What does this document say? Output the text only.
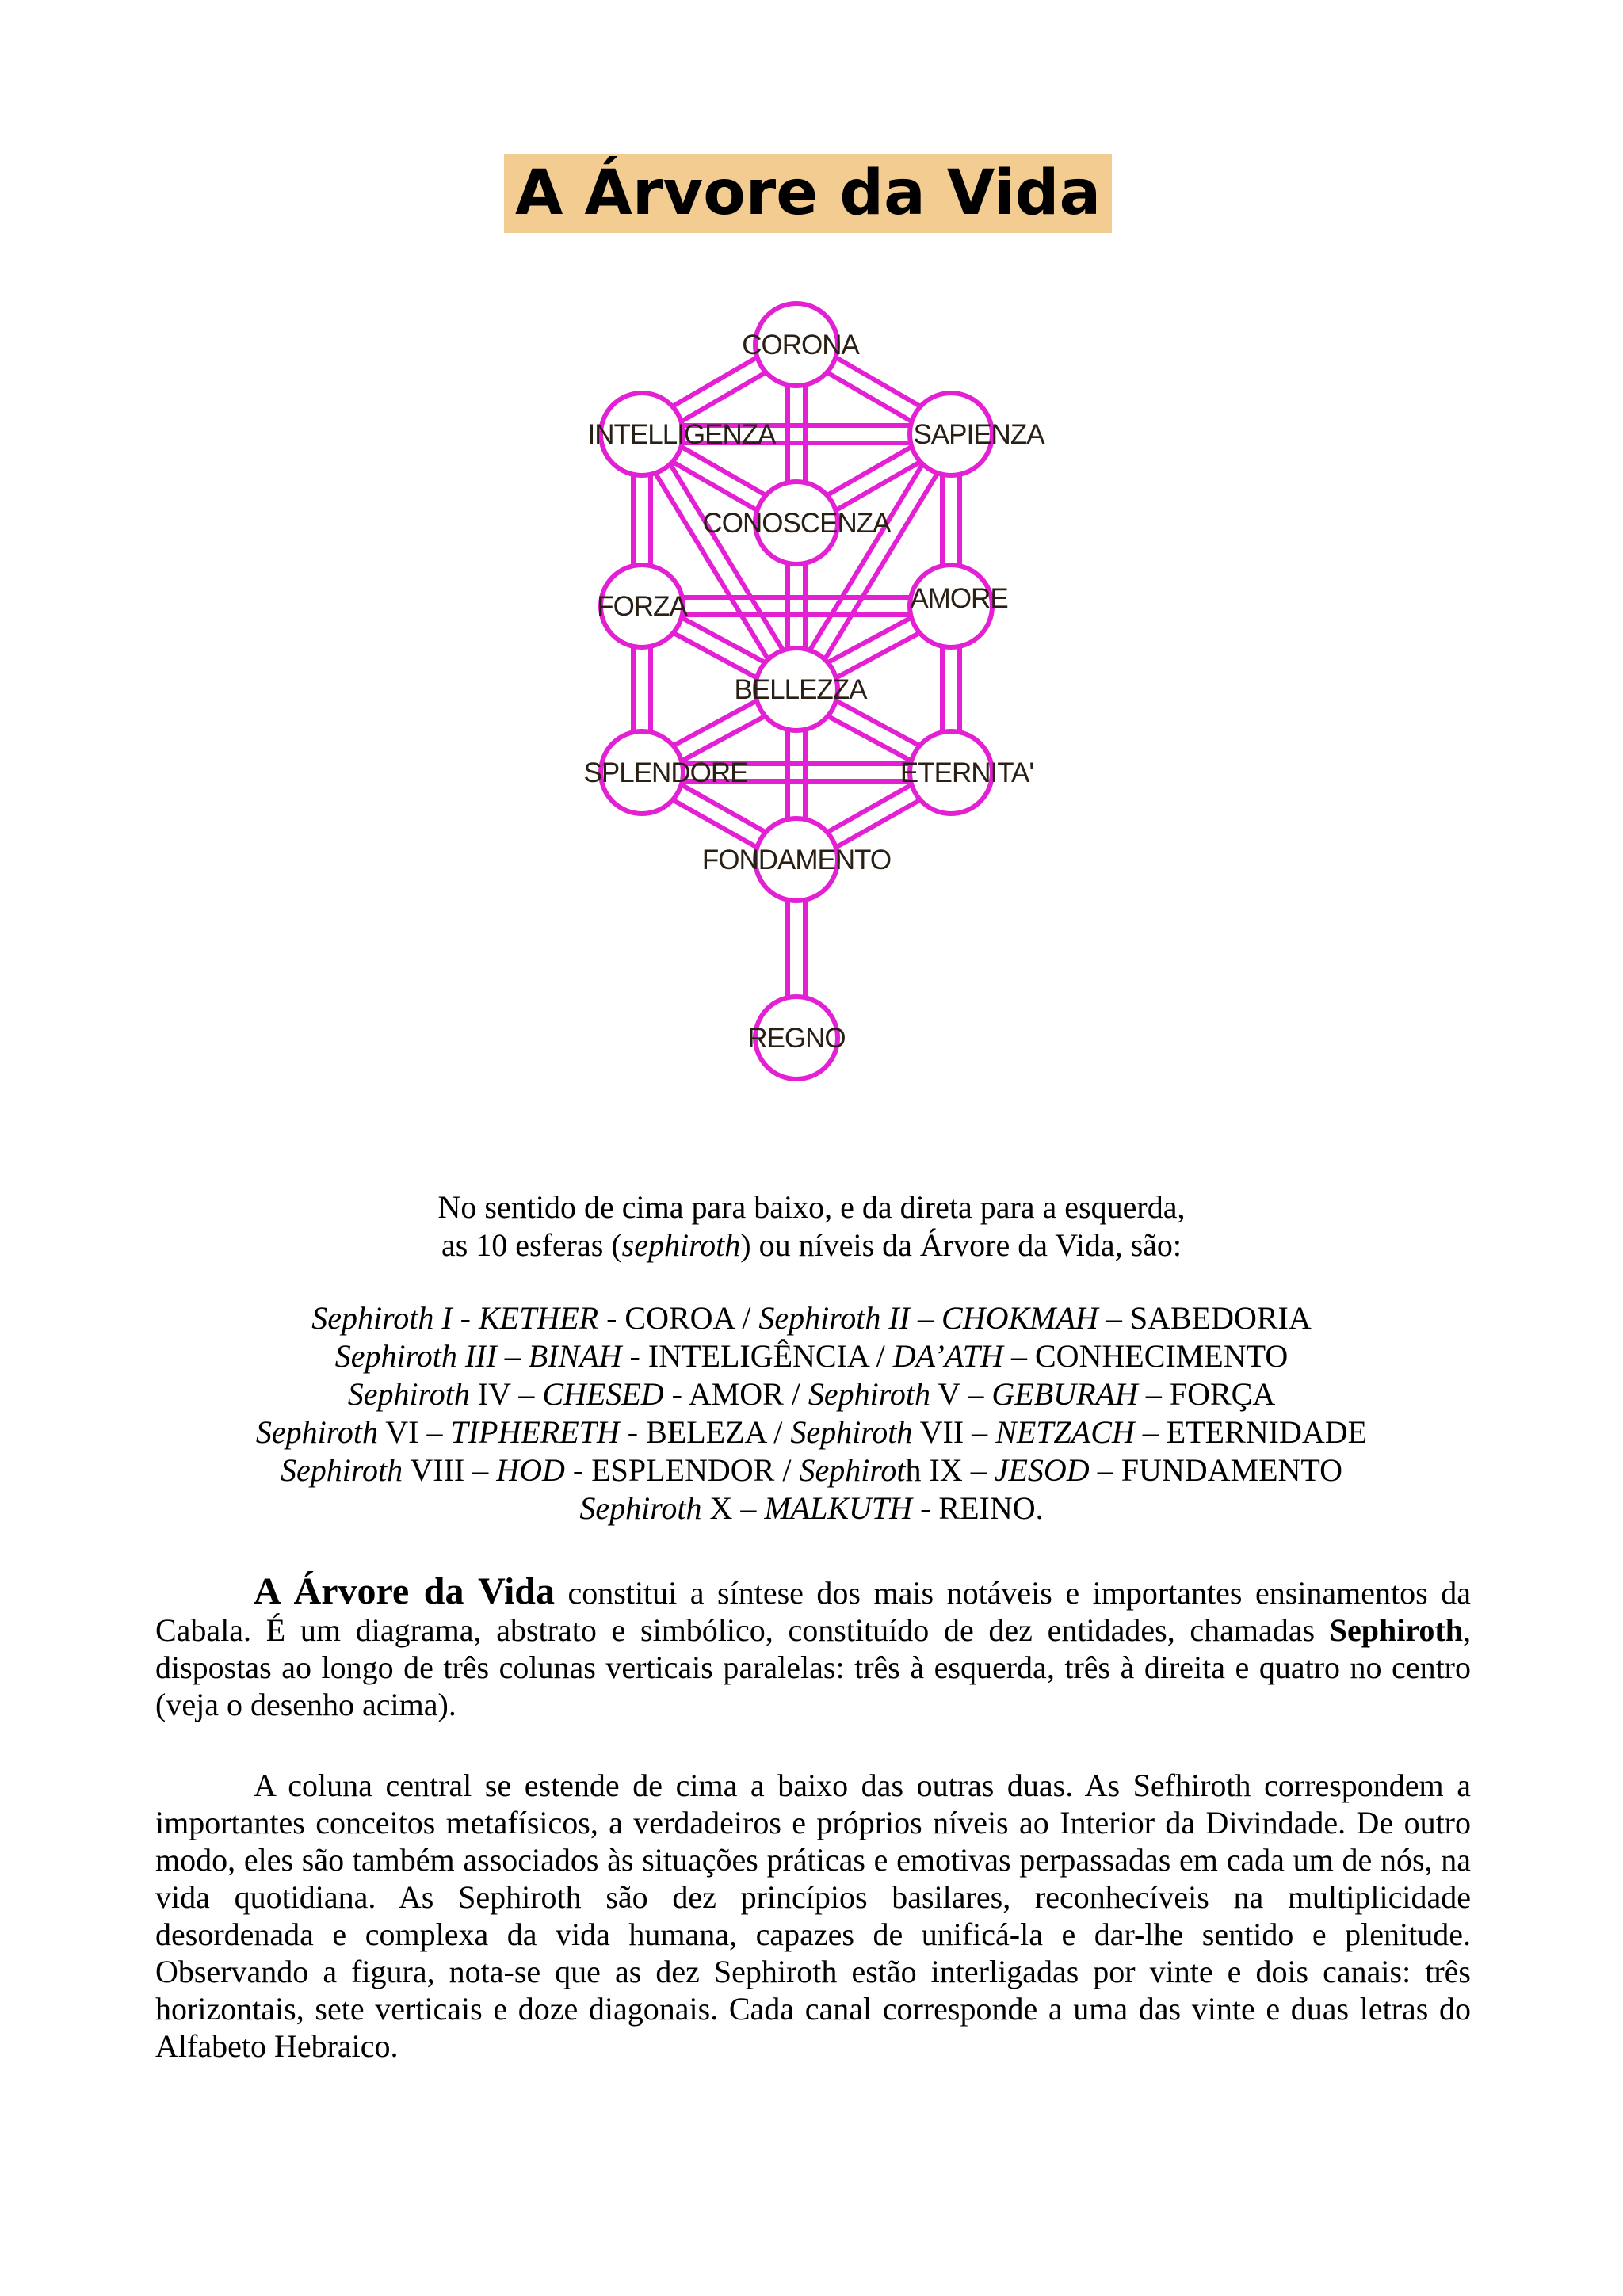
A Árvore da Vida
CORONA
INTELLIGENZA	SAPIENZA
CONOSCENZA
FORZA	AMORE
BELLEZZA
SPLENDORE	ETERNITA'
FONDAMENTO
REGNO
No sentido de cima para baixo, e da direta para a esquerda,
as 10 esferas (sephiroth) ou níveis da Árvore da Vida, são:
Sephiroth I - KETHER - COROA / Sephiroth II – CHOKMAH – SABEDORIA
Sephiroth III – BINAH - INTELIGÊNCIA / DA’ATH – CONHECIMENTO
Sephiroth IV – CHESED - AMOR / Sephiroth V – GEBURAH – FORÇA
Sephiroth VI – TIPHERETH - BELEZA / Sephiroth VII – NETZACH – ETERNIDADE
Sephiroth VIII – HOD - ESPLENDOR / Sephiroth IX – JESOD – FUNDAMENTO
Sephiroth X – MALKUTH - REINO.

A Árvore da Vida constitui a síntese dos mais notáveis e importantes ensinamentos da Cabala. É um diagrama, abstrato e simbólico, constituído de dez entidades, chamadas Sephiroth, dispostas ao longo de três colunas verticais paralelas: três à esquerda, três à direita e quatro no centro (veja o desenho acima).

A coluna central se estende de cima a baixo das outras duas. As Sefhiroth correspondem a importantes conceitos metafísicos, a verdadeiros e próprios níveis ao Interior da Divindade. De outro modo, eles são também associados às situações práticas e emotivas perpassadas em cada um de nós, na vida quotidiana. As Sephiroth são dez princípios basilares, reconhecíveis na multiplicidade desordenada e complexa da vida humana, capazes de unificá-la e dar-lhe sentido e plenitude. Observando a figura, nota-se que as dez Sephiroth estão interligadas por vinte e dois canais: três horizontais, sete verticais e doze diagonais. Cada canal corresponde a uma das vinte e duas letras do Alfabeto Hebraico.
